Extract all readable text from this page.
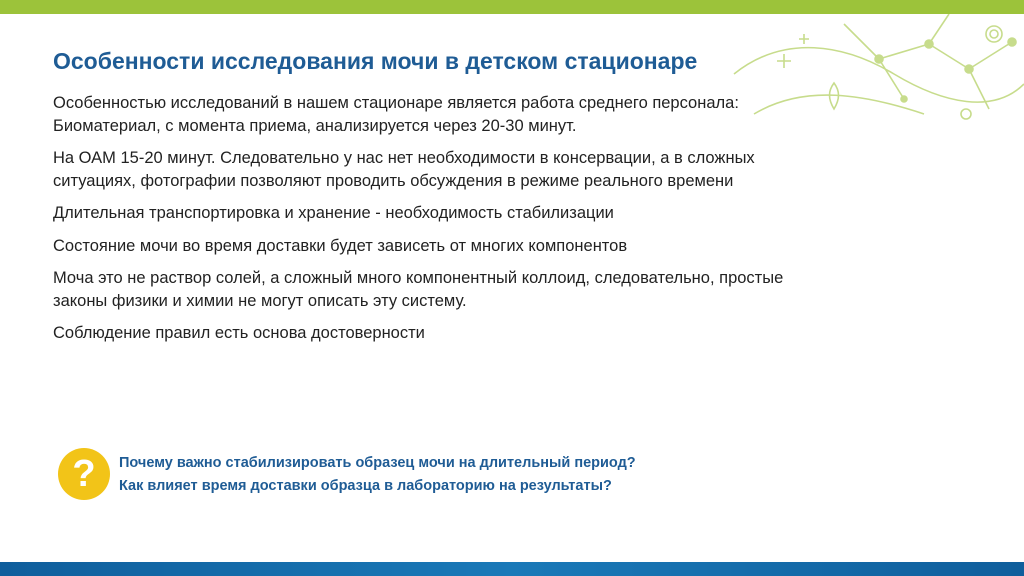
Особенности исследования мочи в детском стационаре

Особенностью исследований в нашем стационаре является работа среднего персонала: Биоматериал, с момента приема, анализируется через 20-30 минут.

На ОАМ 15-20 минут. Следовательно у нас нет необходимости в консервации, а в сложных ситуациях, фотографии позволяют проводить обсуждения в режиме реального времени

Длительная транспортировка и хранение - необходимость стабилизации

Состояние мочи во время доставки будет зависеть от многих компонентов

Моча это не раствор солей, а сложный много компонентный коллоид, следовательно, простые законы физики и химии не могут описать эту систему.

Соблюдение правил есть основа достоверности

?	Почему важно стабилизировать образец мочи на длительный период?
Как влияет время доставки образца в лабораторию на результаты?
